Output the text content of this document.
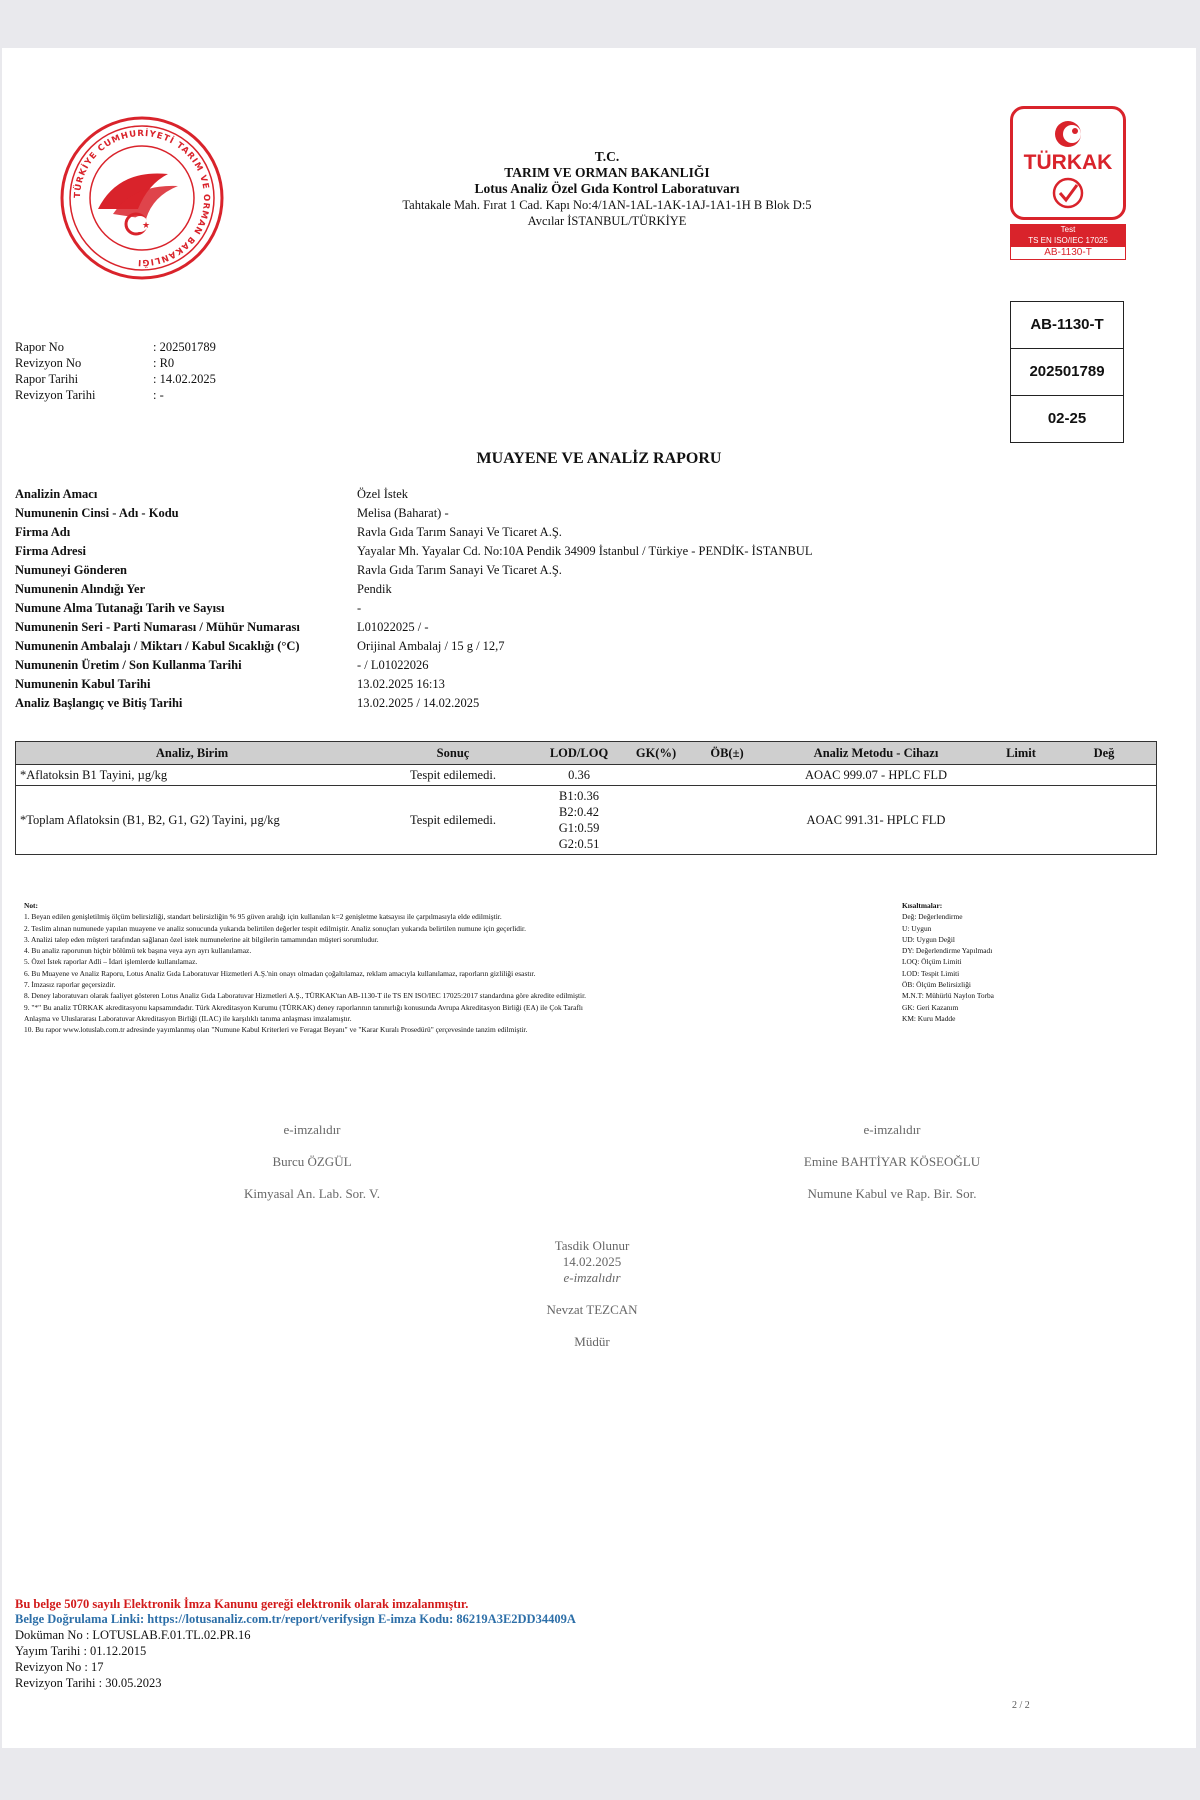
TÜRKİYE CUMHURİYETİ TARIM VE ORMAN BAKANLIĞI
★
T.C.
TARIM VE ORMAN BAKANLIĞI
Lotus Analiz Özel Gıda Kontrol Laboratuvarı
Tahtakale Mah. Fırat 1 Cad. Kapı No:4/1AN-1AL-1AK-1AJ-1A1-1H B Blok D:5
Avcılar İSTANBUL/TÜRKİYE
TÜRKAK
Test
TS EN ISO/IEC 17025
AB-1130-T
AB-1130-T
202501789
02-25
Rapor No	: 202501789
Revizyon No	: R0
Rapor Tarihi	: 14.02.2025
Revizyon Tarihi	: -
MUAYENE VE ANALİZ RAPORU
Analizin Amacı	Özel İstek
Numunenin Cinsi - Adı - Kodu	Melisa (Baharat) -
Firma Adı	Ravla Gıda Tarım Sanayi Ve Ticaret A.Ş.
Firma Adresi	Yayalar Mh. Yayalar Cd. No:10A Pendik 34909 İstanbul / Türkiye - PENDİK- İSTANBUL
Numuneyi Gönderen	Ravla Gıda Tarım Sanayi Ve Ticaret A.Ş.
Numunenin Alındığı Yer	Pendik
Numune Alma Tutanağı Tarih ve Sayısı	-
Numunenin Seri - Parti Numarası / Mühür Numarası	L01022025 / -
Numunenin Ambalajı / Miktarı / Kabul Sıcaklığı (°C)	Orijinal Ambalaj / 15 g / 12,7
Numunenin Üretim / Son Kullanma Tarihi	- / L01022026
Numunenin Kabul Tarihi	13.02.2025 16:13
Analiz Başlangıç ve Bitiş Tarihi	13.02.2025 / 14.02.2025
Analiz, Birim	Sonuç	LOD/LOQ	GK(%)	ÖB(±)	Analiz Metodu - Cihazı	Limit	Değ
*Aflatoksin B1 Tayini, µg/kg	Tespit edilemedi.	0.36			AOAC 999.07 - HPLC FLD		
*Toplam Aflatoksin (B1, B2, G1, G2) Tayini, µg/kg	Tespit edilemedi.	B1:0.36
B2:0.42
G1:0.59
G2:0.51			AOAC 991.31- HPLC FLD		
Not:
1. Beyan edilen genişletilmiş ölçüm belirsizliği, standart belirsizliğin % 95 güven aralığı için kullanılan k=2 genişletme katsayısı ile çarpılmasıyla elde edilmiştir.
2. Teslim alınan numunede yapılan muayene ve analiz sonucunda yukarıda belirtilen değerler tespit edilmiştir. Analiz sonuçları yukarıda belirtilen numune için geçerlidir.
3. Analizi talep eden müşteri tarafından sağlanan özel istek numunelerine ait bilgilerin tamamından müşteri sorumludur.
4. Bu analiz raporunun hiçbir bölümü tek başına veya ayrı ayrı kullanılamaz.
5. Özel İstek raporlar Adli – İdari işlemlerde kullanılamaz.
6. Bu Muayene ve Analiz Raporu, Lotus Analiz Gıda Laboratuvar Hizmetleri A.Ş.'nin onayı olmadan çoğaltılamaz, reklam amacıyla kullanılamaz, raporların gizliliği esastır.
7. İmzasız raporlar geçersizdir.
8. Deney laboratuvarı olarak faaliyet gösteren Lotus Analiz Gıda Laboratuvar Hizmetleri A.Ş., TÜRKAK'tan AB-1130-T ile TS EN ISO/IEC 17025:2017 standardına göre akredite edilmiştir.
9. "*" Bu analiz TÜRKAK akreditasyonu kapsamındadır. Türk Akreditasyon Kurumu (TÜRKAK) deney raporlarının tanınırlığı konusunda Avrupa Akreditasyon Birliği (EA) ile Çok Taraflı
Anlaşma ve Uluslararası Laboratuvar Akreditasyon Birliği (ILAC) ile karşılıklı tanıma anlaşması imzalamıştır.
10. Bu rapor www.lotuslab.com.tr adresinde yayımlanmış olan "Numune Kabul Kriterleri ve Feragat Beyanı" ve "Karar Kuralı Prosedürü" çerçevesinde tanzim edilmiştir.
Kısaltmalar:
Değ: Değerlendirme
U: Uygun
UD: Uygun Değil
DY: Değerlendirme Yapılmadı
LOQ: Ölçüm Limiti
LOD: Tespit Limiti
ÖB: Ölçüm Belirsizliği
M.N.T: Mühürlü Naylon Torba
GK: Geri Kazanım
KM: Kuru Madde
e-imzalıdır
Burcu ÖZGÜL
Kimyasal An. Lab. Sor. V.
e-imzalıdır
Emine BAHTİYAR KÖSEOĞLU
Numune Kabul ve Rap. Bir. Sor.
Tasdik Olunur
14.02.2025
e-imzalıdır
Nevzat TEZCAN
Müdür
Bu belge 5070 sayılı Elektronik İmza Kanunu gereği elektronik olarak imzalanmıştır.
Belge Doğrulama Linki: https://lotusanaliz.com.tr/report/verifysign E-imza Kodu: 86219A3E2DD34409A
Doküman No : LOTUSLAB.F.01.TL.02.PR.16
Yayım Tarihi : 01.12.2015
Revizyon No : 17
Revizyon Tarihi : 30.05.2023
2 / 2
